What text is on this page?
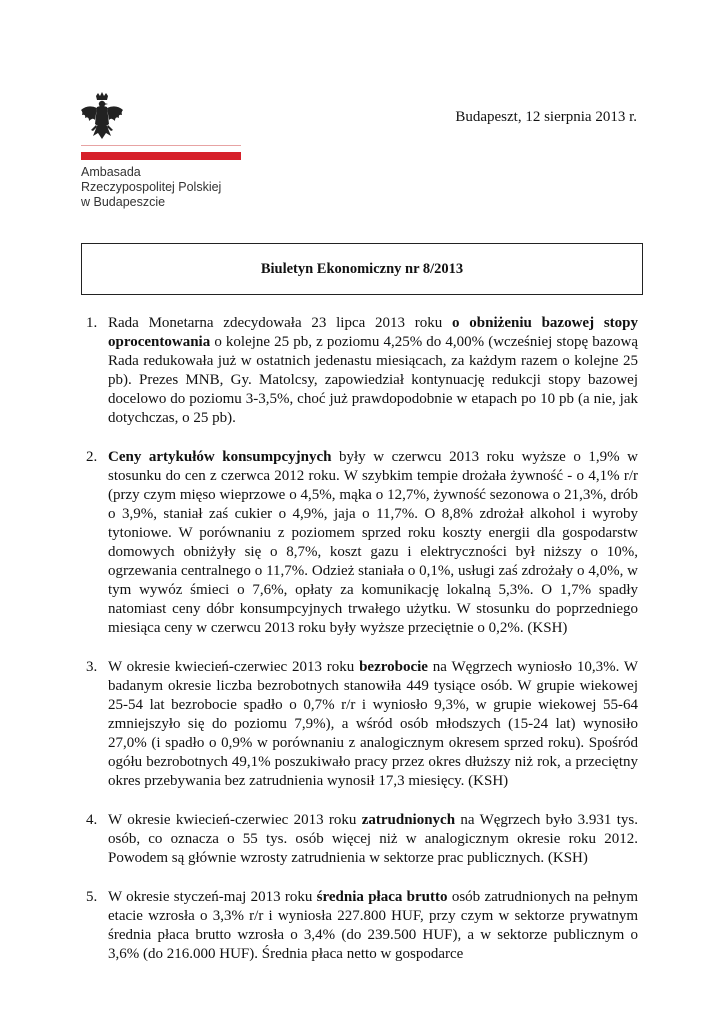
Ambasada
Rzeczypospolitej Polskiej
w Budapeszcie
Budapeszt, 12 sierpnia 2013 r.
Biuletyn Ekonomiczny nr 8/2013
1. Rada Monetarna zdecydowała 23 lipca 2013 roku o obniżeniu bazowej stopy oprocentowania o kolejne 25 pb, z poziomu 4,25% do 4,00% (wcześniej stopę bazową Rada redukowała już w ostatnich jedenastu miesiącach, za każdym razem o kolejne 25 pb). Prezes MNB, Gy. Matolcsy, zapowiedział kontynuację redukcji stopy bazowej docelowo do poziomu 3-3,5%, choć już prawdopodobnie w etapach po 10 pb (a nie, jak dotychczas, o 25 pb).
2. Ceny artykułów konsumpcyjnych były w czerwcu 2013 roku wyższe o 1,9% w stosunku do cen z czerwca 2012 roku. W szybkim tempie drożała żywność - o 4,1% r/r (przy czym mięso wieprzowe o 4,5%, mąka o 12,7%, żywność sezonowa o 21,3%, drób o 3,9%, staniał zaś cukier o 4,9%, jaja o 11,7%. O 8,8% zdrożał alkohol i wyroby tytoniowe. W porównaniu z poziomem sprzed roku koszty energii dla gospodarstw domowych obniżyły się o 8,7%, koszt gazu i elektryczności był niższy o 10%, ogrzewania centralnego o 11,7%. Odzież staniała o 0,1%, usługi zaś zdrożały o 4,0%, w tym wywóz śmieci o 7,6%, opłaty za komunikację lokalną 5,3%. O 1,7% spadły natomiast ceny dóbr konsumpcyjnych trwałego użytku. W stosunku do poprzedniego miesiąca ceny w czerwcu 2013 roku były wyższe przeciętnie o 0,2%. (KSH)
3. W okresie kwiecień-czerwiec 2013 roku bezrobocie na Węgrzech wyniosło 10,3%. W badanym okresie liczba bezrobotnych stanowiła 449 tysiące osób. W grupie wiekowej 25-54 lat bezrobocie spadło o 0,7% r/r i wyniosło 9,3%, w grupie wiekowej 55-64 zmniejszyło się do poziomu 7,9%), a wśród osób młodszych (15-24 lat) wynosiło 27,0% (i spadło o 0,9% w porównaniu z analogicznym okresem sprzed roku). Spośród ogółu bezrobotnych 49,1% poszukiwało pracy przez okres dłuższy niż rok, a przeciętny okres przebywania bez zatrudnienia wynosił 17,3 miesięcy. (KSH)
4. W okresie kwiecień-czerwiec 2013 roku zatrudnionych na Węgrzech było 3.931 tys. osób, co oznacza o 55 tys. osób więcej niż w analogicznym okresie roku 2012. Powodem są głównie wzrosty zatrudnienia w sektorze prac publicznych. (KSH)
5. W okresie styczeń-maj 2013 roku średnia płaca brutto osób zatrudnionych na pełnym etacie wzrosła o 3,3% r/r i wyniosła 227.800 HUF, przy czym w sektorze prywatnym średnia płaca brutto wzrosła o 3,4% (do 239.500 HUF), a w sektorze publicznym o 3,6% (do 216.000 HUF). Średnia płaca netto w gospodarce
